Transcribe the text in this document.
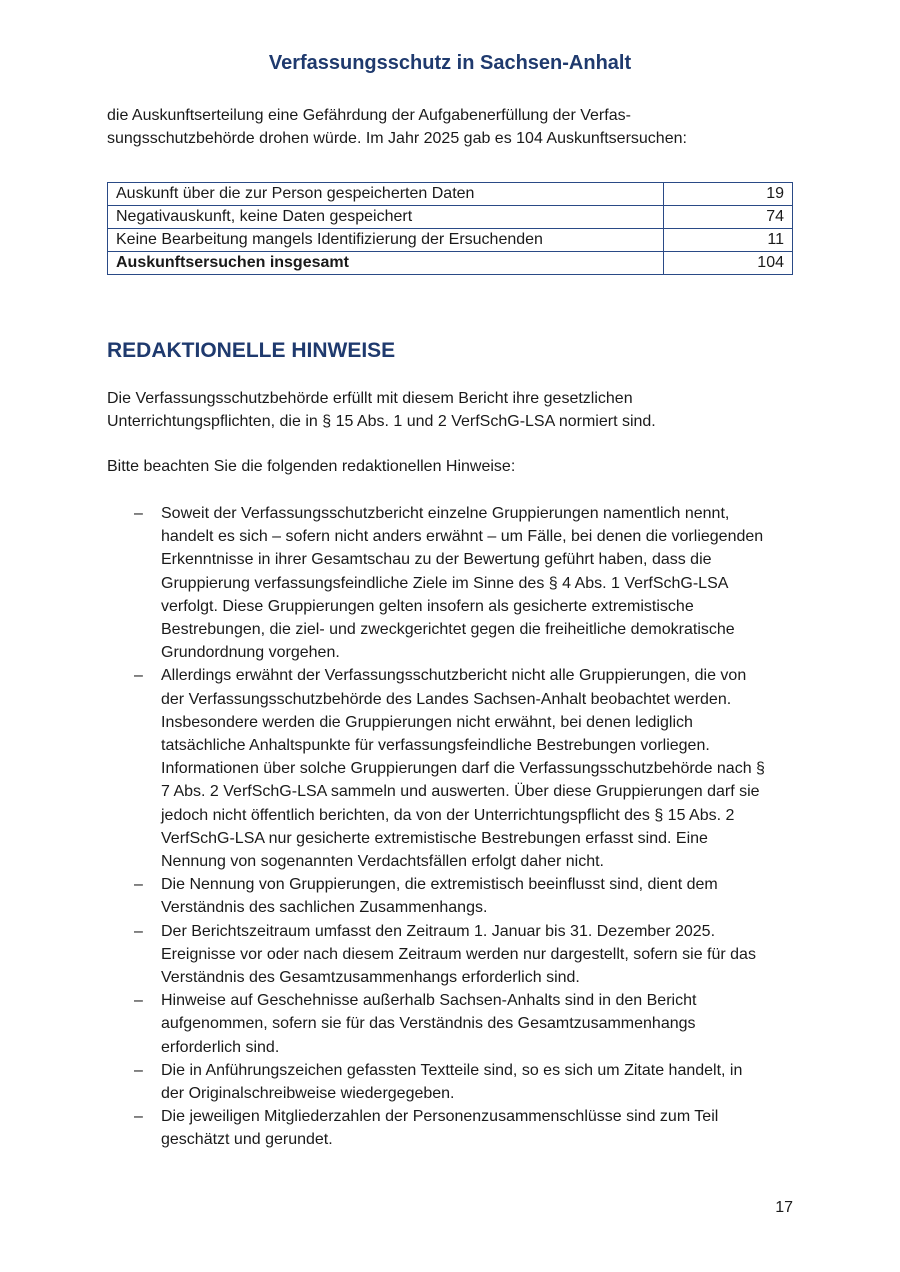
Verfassungsschutz in Sachsen-Anhalt
die Auskunftserteilung eine Gefährdung der Aufgabenerfüllung der Verfas-
sungsschutzbehörde drohen würde. Im Jahr 2025 gab es 104 Auskunftsersuchen:
Auskunft über die zur Person gespeicherten Daten	19
Negativauskunft, keine Daten gespeichert	74
Keine Bearbeitung mangels Identifizierung der Ersuchenden	11
Auskunftsersuchen insgesamt	104
REDAKTIONELLE HINWEISE
Die Verfassungsschutzbehörde erfüllt mit diesem Bericht ihre gesetzlichen
Unterrichtungspflichten, die in § 15 Abs. 1 und 2 VerfSchG-LSA normiert sind.
Bitte beachten Sie die folgenden redaktionellen Hinweise:
– Soweit der Verfassungsschutzbericht einzelne Gruppierungen namentlich nennt,
handelt es sich – sofern nicht anders erwähnt – um Fälle, bei denen die vorliegenden
Erkenntnisse in ihrer Gesamtschau zu der Bewertung geführt haben, dass die
Gruppierung verfassungsfeindliche Ziele im Sinne des § 4 Abs. 1 VerfSchG-LSA
verfolgt. Diese Gruppierungen gelten insofern als gesicherte extremistische
Bestrebungen, die ziel- und zweckgerichtet gegen die freiheitliche demokratische
Grundordnung vorgehen.
– Allerdings erwähnt der Verfassungsschutzbericht nicht alle Gruppierungen, die von
der Verfassungsschutzbehörde des Landes Sachsen-Anhalt beobachtet werden.
Insbesondere werden die Gruppierungen nicht erwähnt, bei denen lediglich
tatsächliche Anhaltspunkte für verfassungsfeindliche Bestrebungen vorliegen.
Informationen über solche Gruppierungen darf die Verfassungsschutzbehörde nach §
7 Abs. 2 VerfSchG-LSA sammeln und auswerten. Über diese Gruppierungen darf sie
jedoch nicht öffentlich berichten, da von der Unterrichtungspflicht des § 15 Abs. 2
VerfSchG-LSA nur gesicherte extremistische Bestrebungen erfasst sind. Eine
Nennung von sogenannten Verdachtsfällen erfolgt daher nicht.
– Die Nennung von Gruppierungen, die extremistisch beeinflusst sind, dient dem
Verständnis des sachlichen Zusammenhangs.
– Der Berichtszeitraum umfasst den Zeitraum 1. Januar bis 31. Dezember 2025.
Ereignisse vor oder nach diesem Zeitraum werden nur dargestellt, sofern sie für das
Verständnis des Gesamtzusammenhangs erforderlich sind.
– Hinweise auf Geschehnisse außerhalb Sachsen-Anhalts sind in den Bericht
aufgenommen, sofern sie für das Verständnis des Gesamtzusammenhangs
erforderlich sind.
– Die in Anführungszeichen gefassten Textteile sind, so es sich um Zitate handelt, in
der Originalschreibweise wiedergegeben.
– Die jeweiligen Mitgliederzahlen der Personenzusammenschlüsse sind zum Teil
geschätzt und gerundet.
17
